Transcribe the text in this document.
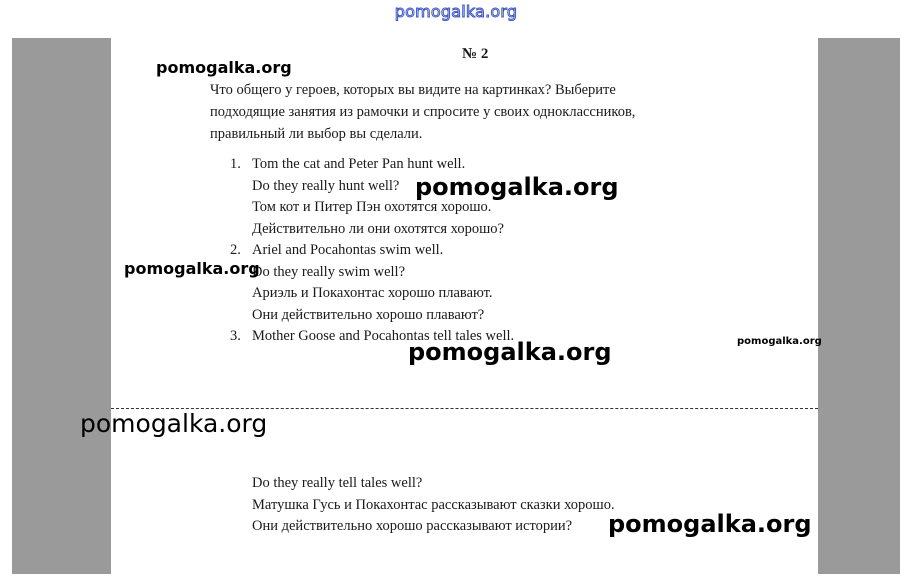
pomogalka.org
№ 2
Что общего у героев, которых вы видите на картинках? Выберите
подходящие занятия из рамочки и спросите у своих одноклассников,
правильный ли выбор вы сделали.
1. Tom the cat and Peter Pan hunt well.
Do they really hunt well?
Том кот и Питер Пэн охотятся хорошо.
Действительно ли они охотятся хорошо?
2. Ariel and Pocahontas swim well.
Do they really swim well?
Ариэль и Покахонтас хорошо плавают.
Они действительно хорошо плавают?
3. Mother Goose and Pocahontas tell tales well.
Do they really tell tales well?
Матушка Гусь и Покахонтас рассказывают сказки хорошо.
Они действительно хорошо рассказывают истории?
pomogalka.org
pomogalka.org
pomogalka.org
pomogalka.org
pomogalka.org
pomogalka.org
pomogalka.org
